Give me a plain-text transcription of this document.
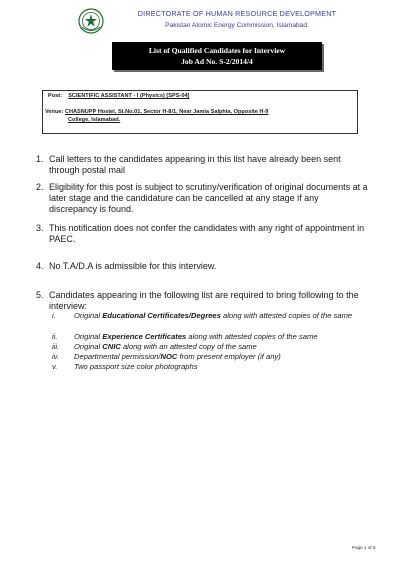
DIRECTORATE OF HUMAN RESOURCE DEVELOPMENT
Pakistan Atomic Energy Commission, Islamabad.
List of Qualified Candidates for Interview
Job Ad No. S-2/2014/4
Post: SCIENTIFIC ASSISTANT - I (Physics) [SPS-04]
Venue: CHASNUPP Hostel, St.No.01, Sector H-8/1, Near Jamia Salphia, Opposite H-9
College, Islamabad.
1. Call letters to the candidates appearing in this list have already been sent through postal mail
2. Eligibility for this post is subject to scrutiny/verification of original documents at a later stage and the candidature can be cancelled at any stage if any discrepancy is found.
3. This notification does not confer the candidates with any right of appointment in PAEC.
4. No T.A/D.A is admissible for this interview.
5. Candidates appearing in the following list are required to bring following to the interview:
i.	Original Educational Certificates/Degrees along with attested copies of the same
ii.	Original Experience Certificates along with attested copies of the same
iii.	Original CNIC along with an attested copy of the same
iv.	Departmental permission/NOC from present employer (if any)
v.	Two passport size color photographs
Page 1 of 6
